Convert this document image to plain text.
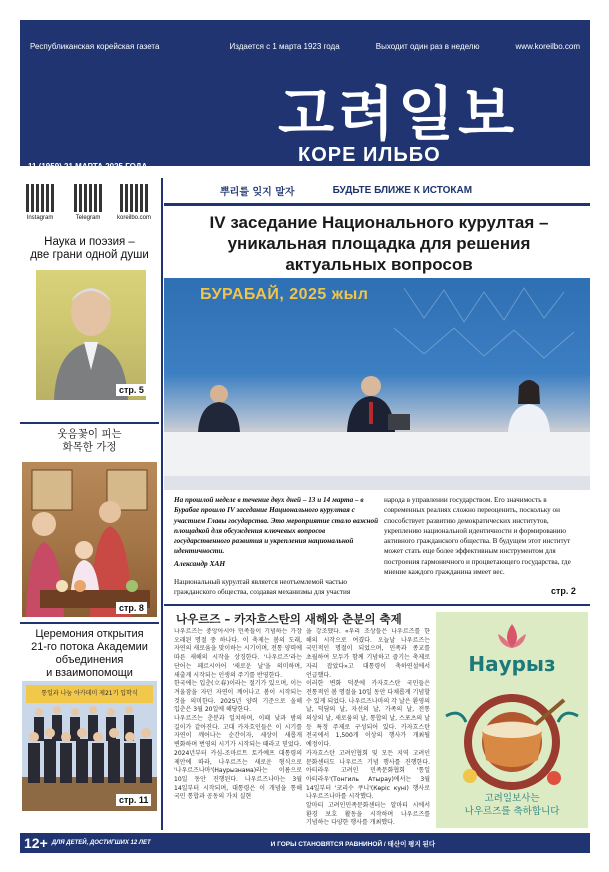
Республиканская корейская газета	Издается с 1 марта 1923 года	Выходит один раз в неделю	www.koreilbo.com
고려일보
КОРЕ ИЛЬБО
11 (1959) 21 МАРТА 2025 ГОДА
뿌리를 잊지 말자	БУДЬТЕ БЛИЖЕ К ИСТОКАМ
Instagram	Telegram	koreilbo.com
Наука и поэзия –
две грани одной души
стр. 5
웃음꽃이 피는
화목한 가정
стр. 8
Церемония открытия
21-го потока Академии
объединения
и взаимопомощи
통일과 나눔 아카데미 제21기 입학식
стр. 11
IV заседание Национального курултая –
уникальная площадка для решения
актуальных вопросов
БУРАБАЙ, 2025 жыл
На прошлой неделе в течение двух дней – 13 и 14 марта – в Бурабае прошло IV заседание Национального курултая с участием Главы государства. Это мероприятие стало важной площадкой для обсуждения ключевых вопросов государственного развития и укрепления национальной идентичности.
Александр ХАН
Национальный курултай является неотъемлемой частью гражданского общества, создавая механизмы для участия
народа в управлении государством. Его значимость в современных реалиях сложно переоценить, поскольку он способствует развитию демократических институтов, укреплению национальной идентичности и формированию активного гражданского общества. В будущем этот институт может стать еще более эффективным инструментом для построения гармоничного и процветающего государства, где мнение каждого гражданина имеет вес.
стр. 2
나우르즈 – 카자흐스탄의 새해와 춘분의 축제
나우르즈는 중앙아시아 민족들이 기념하는 가장 오래된 명절 중 하나다. 이 축제는 봄의 도래, 자연의 새로움을 맞이하는 시기이며, 전통 양력에 따른 새해의 시작을 상징한다. '나우르즈'라는 단어는 페르시아어 '새로운 날'을 의미하며, 새출게 시작되는 인생의 주기를 반영한다.
한국에는 입춘(立春)이라는 절기가 있으며, 이는 겨울잠을 자던 자연이 깨어나고 봄이 시작되는 것을 의미한다. 2025년 양력 기준으로 올해 입춘은 3월 20일에 해당한다.
나우르즈는 춘분과 일치하며, 이때 낮과 밤의 길이가 같아진다. 고대 카자흐인들은 이 시기를 자연이 깨어나는 순간이자, 세상이 새롭게 변화하며 번영의 시기가 시작되는 때라고 믿었다.
2024년부터 카심-조마르트 토카예프 대통령의 제안에 따라, 나우르즈는 새로운 형식으로 '나우르즈나마'(Наурызнама)라는 이름으로 10일 동안 진행된다. 나우르즈나마는 3월 14일부터 시작되며, 대통령은 이 개념을 통해 국민 통합과 공동의 가치 실현
을 강조했다. «우리 조상들은 나우르즈를 한 해의 시작으로 여겼다. 오늘날 나우르즈는 국민적인 명절이 되었으며, 민족과 종교를 초월하여 모두가 함께 기념하고 즐기는 축제로 자리 잡았다»고 대통령이 축하연설에서 언급했다.
이러한 변화 덕분에 카자흐스탄 국민들은 전통적인 봄 명절을 10일 동안 다채롭게 기념할 수 있게 되었다. 나우르즈나마의 각 날은 환영의 날, 덕담의 날, 자선의 날, 가족의 날, 전통 의상의 날, 새로움의 날, 통합의 날, 스포츠의 날 등 특정 주제로 구성되어 있다. 카자흐스탄 전국에서 1,500개 이상의 행사가 개최될 예정이다.
카자흐스탄 고려인협회 및 모든 지역 고려인 문화센터도 나우르즈 기념 행사를 진행한다. 아티라우 고려인 민족문화협회 '통일 아티라우'(Тонгиль Атырау)에서는 3월 14일부터 '코리수 쿠니'(Көріс куні) 행사로 나우르즈나마를 시작했다.
알마티 고려인민족문화센터는 알마티 시에서 환경 보호 활동을 시작하며 나우르즈를 기념하는 다양한 행사를 개최했다.
Наурыз
고려일보사는
나우르즈를 축하합니다
12+ ДЛЯ ДЕТЕЙ, ДОСТИГШИХ 12 ЛЕТ	И ГОРЫ СТАНОВЯТСЯ РАВНИНОЙ / 태산이 평지 된다
